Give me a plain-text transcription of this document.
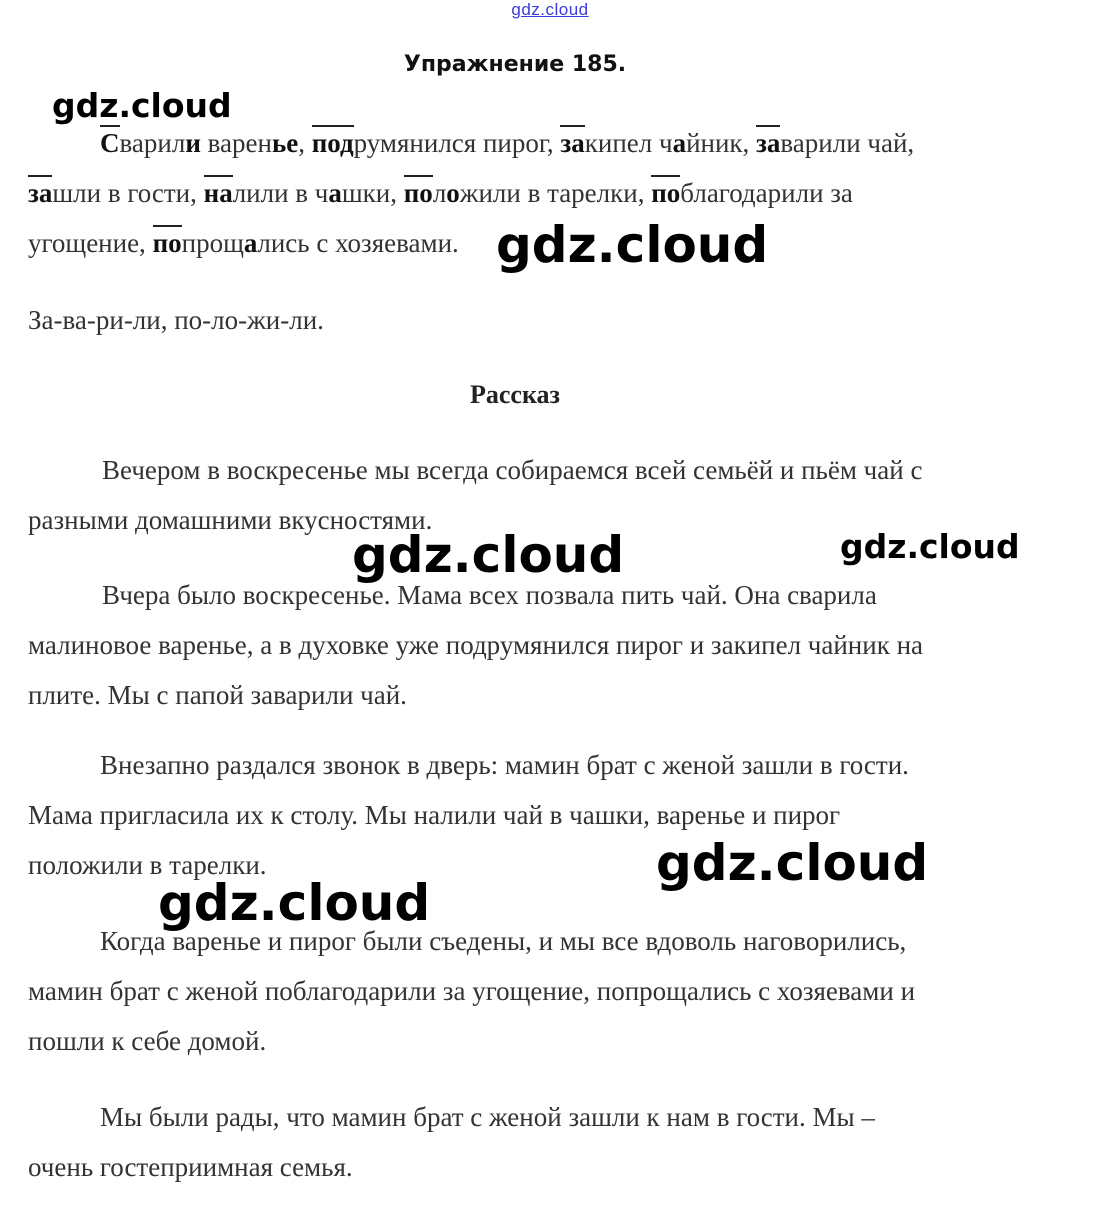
gdz.cloud
Упражнение 185.
Сварили варенье, подрумянился пирог, закипел чайник, заварили чай,
зашли в гости, налили в чашки, положили в тарелки, поблагодарили за
угощение, попрощались с хозяевами.
За-ва-ри-ли, по-ло-жи-ли.
Рассказ
Вечером в воскресенье мы всегда собираемся всей семьёй и пьём чай с
разными домашними вкусностями.
Вчера было воскресенье. Мама всех позвала пить чай. Она сварила
малиновое варенье, а в духовке уже подрумянился пирог и закипел чайник на
плите. Мы с папой заварили чай.
Внезапно раздался звонок в дверь: мамин брат с женой зашли в гости.
Мама пригласила их к столу. Мы налили чай в чашки, варенье и пирог
положили в тарелки.
Когда варенье и пирог были съедены, и мы все вдоволь наговорились,
мамин брат с женой поблагодарили за угощение, попрощались с хозяевами и
пошли к себе домой.
Мы были рады, что мамин брат с женой зашли к нам в гости. Мы –
очень гостеприимная семья.
gdz.cloud
gdz.cloud
gdz.cloud	gdz.cloud
gdz.cloud
gdz.cloud
